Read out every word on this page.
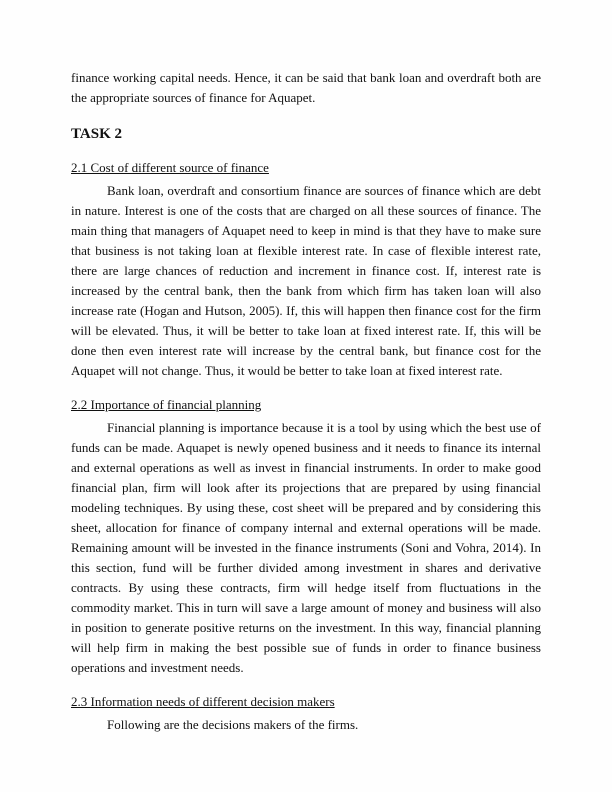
finance working capital needs. Hence, it can be said that bank loan and overdraft both are the appropriate sources of finance for Aquapet.

TASK 2
2.1 Cost of different source of finance

Bank loan, overdraft and consortium finance are sources of finance which are debt in nature. Interest is one of the costs that are charged on all these sources of finance. The main thing that managers of Aquapet need to keep in mind is that they have to make sure that business is not taking loan at flexible interest rate. In case of flexible interest rate, there are large chances of reduction and increment in finance cost. If, interest rate is increased by the central bank, then the bank from which firm has taken loan will also increase rate (Hogan and Hutson, 2005). If, this will happen then finance cost for the firm will be elevated. Thus, it will be better to take loan at fixed interest rate. If, this will be done then even interest rate will increase by the central bank, but finance cost for the Aquapet will not change. Thus, it would be better to take loan at fixed interest rate.

2.2 Importance of financial planning

Financial planning is importance because it is a tool by using which the best use of funds can be made. Aquapet is newly opened business and it needs to finance its internal and external operations as well as invest in financial instruments. In order to make good financial plan, firm will look after its projections that are prepared by using financial modeling techniques. By using these, cost sheet will be prepared and by considering this sheet, allocation for finance of company internal and external operations will be made. Remaining amount will be invested in the finance instruments (Soni and Vohra, 2014). In this section, fund will be further divided among investment in shares and derivative contracts. By using these contracts, firm will hedge itself from fluctuations in the commodity market. This in turn will save a large amount of money and business will also in position to generate positive returns on the investment. In this way, financial planning will help firm in making the best possible sue of funds in order to finance business operations and investment needs.

2.3 Information needs of different decision makers

Following are the decisions makers of the firms.
